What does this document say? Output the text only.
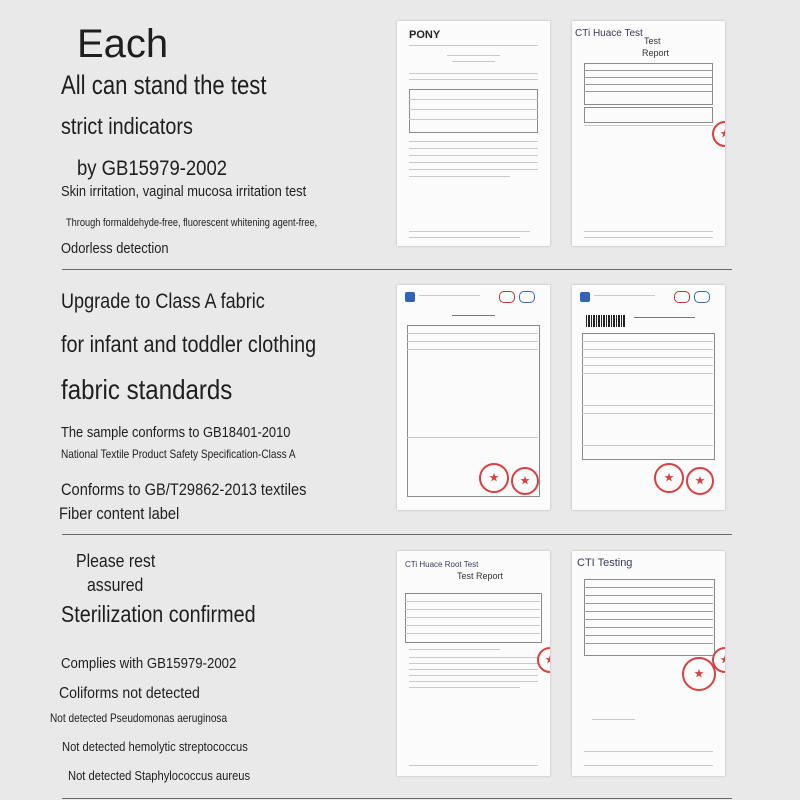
Each
All can stand the test
strict indicators
by GB15979-2002
Skin irritation, vaginal mucosa irritation test
Through formaldehyde-free, fluorescent whitening agent-free,
Odorless detection
PONY	CTi Huace Test
Test
Report
★
Upgrade to Class A fabric
for infant and toddler clothing
fabric standards
The sample conforms to GB18401-2010
National Textile Product Safety Specification-Class A
Conforms to GB/T29862-2013 textiles
Fiber content label
★
★
★
★
Please rest
assured
Sterilization confirmed
Complies with GB15979-2002
Coliforms not detected
Not detected Pseudomonas aeruginosa
Not detected hemolytic streptococcus
Not detected Staphylococcus aureus
CTi Huace Root Test
Test Report
★
CTI Testing
★
★
